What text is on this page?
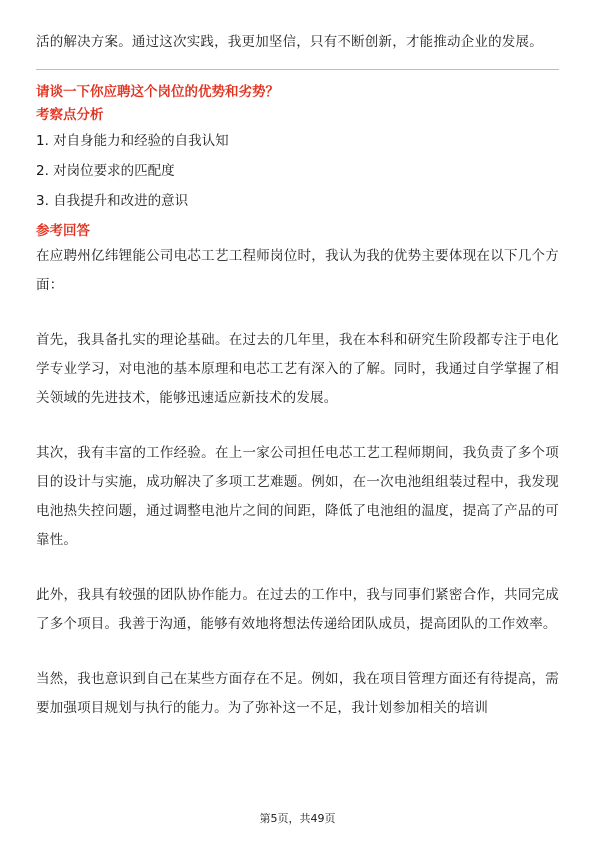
活的解决方案。通过这次实践，我更加坚信，只有不断创新，才能推动企业的发展。

请谈一下你应聘这个岗位的优势和劣势？

考察点分析

1. 对自身能力和经验的自我认知

2. 对岗位要求的匹配度

3. 自我提升和改进的意识

参考回答

在应聘州亿纬锂能公司电芯工艺工程师岗位时，我认为我的优势主要体现在以下几个方面：

首先，我具备扎实的理论基础。在过去的几年里，我在本科和研究生阶段都专注于电化学专业学习，对电池的基本原理和电芯工艺有深入的了解。同时，我通过自学掌握了相关领域的先进技术，能够迅速适应新技术的发展。

其次，我有丰富的工作经验。在上一家公司担任电芯工艺工程师期间，我负责了多个项目的设计与实施，成功解决了多项工艺难题。例如，在一次电池组组装过程中，我发现电池热失控问题，通过调整电池片之间的间距，降低了电池组的温度，提高了产品的可靠性。

此外，我具有较强的团队协作能力。在过去的工作中，我与同事们紧密合作，共同完成了多个项目。我善于沟通，能够有效地将想法传递给团队成员，提高团队的工作效率。

当然，我也意识到自己在某些方面存在不足。例如，我在项目管理方面还有待提高，需要加强项目规划与执行的能力。为了弥补这一不足，我计划参加相关的培训

第5页，共49页
